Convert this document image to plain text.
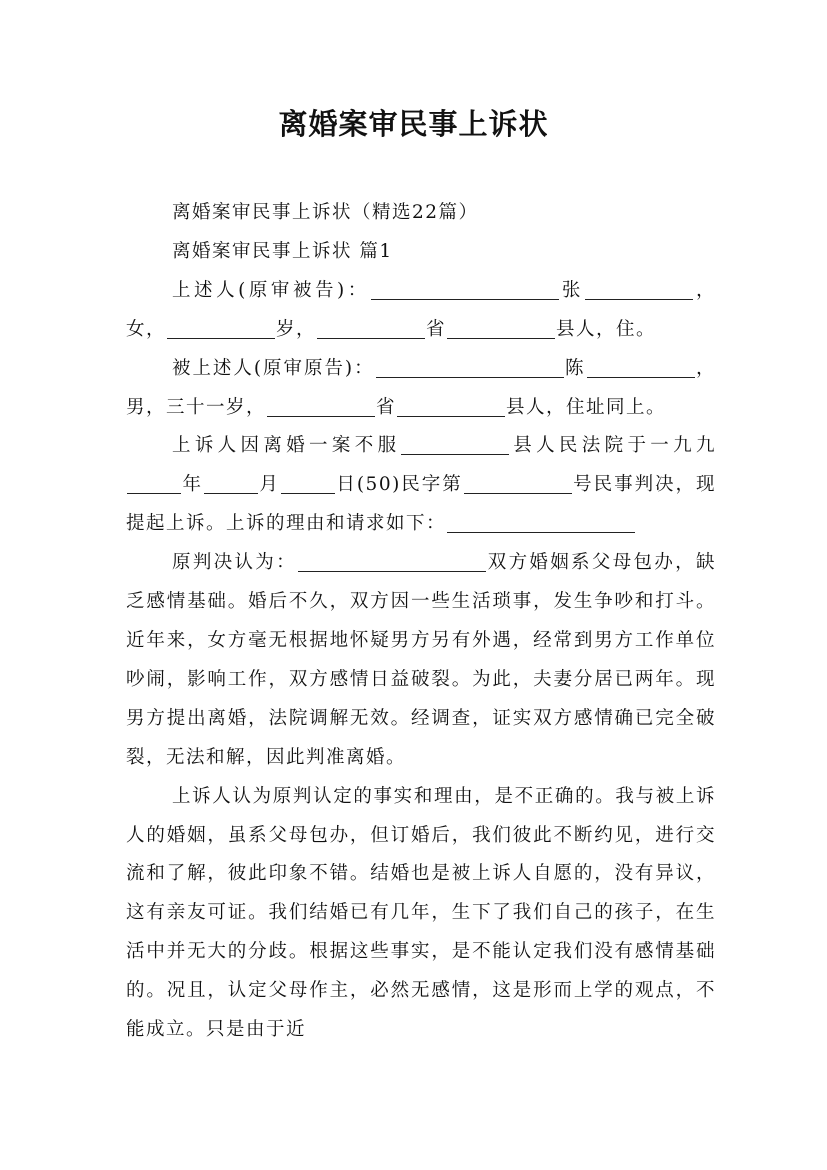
离婚案审民事上诉状

离婚案审民事上诉状（精选22篇）

离婚案审民事上诉状 篇1

上述人(原审被告)：	张	，女，	岁，	省	县人，住。

被上述人(原审原告)：	陈	，男，三十一岁，	省	县人，住址同上。

上诉人因离婚一案不服	县人民法院于一九九年	月	日(50)民字第	号民事判决，现提起上诉。上诉的理由和请求如下：

原判决认为：	双方婚姻系父母包办，缺乏感情基础。婚后不久，双方因一些生活琐事，发生争吵和打斗。近年来，女方毫无根据地怀疑男方另有外遇，经常到男方工作单位吵闹，影响工作，双方感情日益破裂。为此，夫妻分居已两年。现男方提出离婚，法院调解无效。经调查，证实双方感情确已完全破裂，无法和解，因此判准离婚。

上诉人认为原判认定的事实和理由，是不正确的。我与被上诉人的婚姻，虽系父母包办，但订婚后，我们彼此不断约见，进行交流和了解，彼此印象不错。结婚也是被上诉人自愿的，没有异议，这有亲友可证。我们结婚已有几年，生下了我们自己的孩子，在生活中并无大的分歧。根据这些事实，是不能认定我们没有感情基础的。况且，认定父母作主，必然无感情，这是形而上学的观点，不能成立。只是由于近
